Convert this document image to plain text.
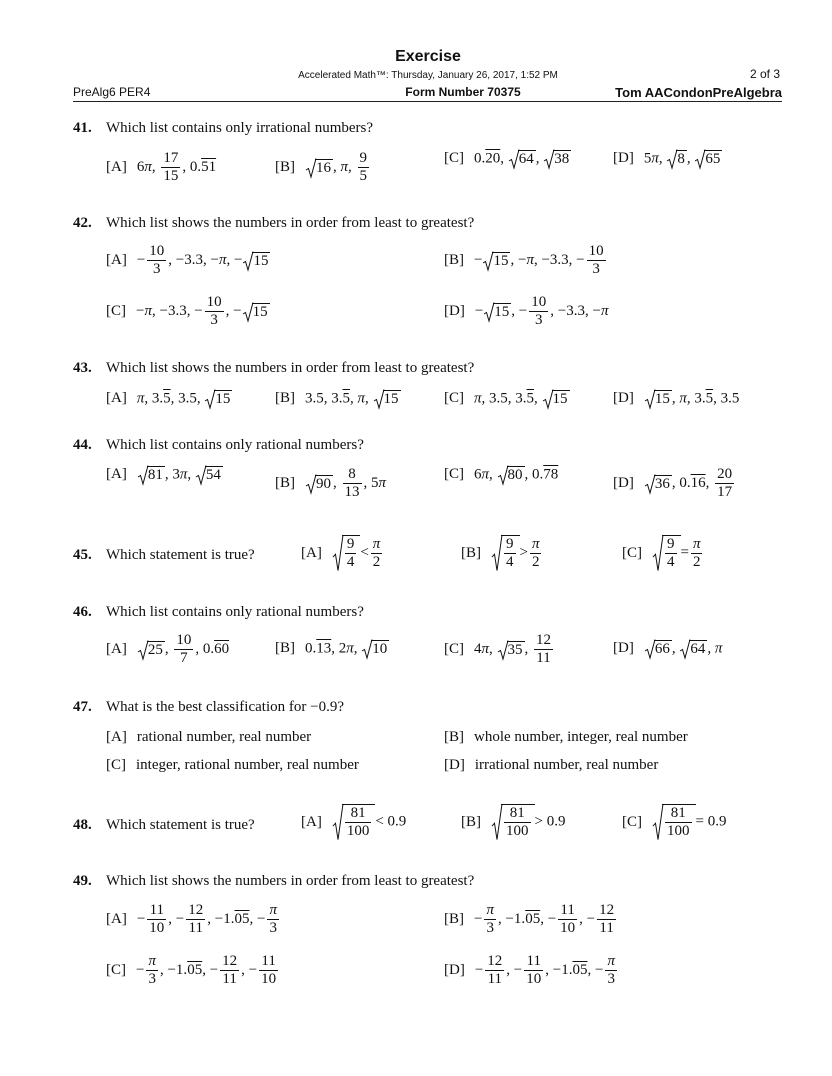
Exercise
Accelerated Math™: Thursday, January 26, 2017, 1:52 PM	2 of 3
PreAlg6 PER4	Form Number 70375	Tom AACondonPreAlgebra
41. Which list contains only irrational numbers?
[A] 6π, $\frac{17}{15}$ , 0.51	[B] 16 , π, $\frac{9}{5}$	[C] 0.20, 64 , 38	[D] 5π, 8 , 65
42. Which list shows the numbers in order from least to greatest?
$[A] - \frac{10}{3}$ , −3.3, −π, − 15	[B] − 15 , −π, −3.3, − $\frac{10}{3}$
[C] −π, −3.3, − $\frac{10}{3}$ , − 15	[D] − 15 , − $\frac{10}{3}$ , −3.3, −π
43. Which list shows the numbers in order from least to greatest?
[A] π, 3.5, 3.5, 15	[B] 3.5, 3.5, π, 15	[C] π, 3.5, 3.5, 15	[D] 15 , π, 3.5, 3.5
44. Which list contains only rational numbers?
[A] 81 , 3π, 54
[B] 90 , $\frac{8}{13}$ , 5π
[C] 6π, 80 , 0.78
[D] 36 , 0.16, $\frac{20}{17}$
45. Which statement is true?	$[A] \frac{9}{4} < \frac{\pi}{2}$	$[B] \frac{9}{4} > \frac{\pi}{2}$	$[C] \frac{9}{4} = \frac{\pi}{2}$
46. Which list contains only rational numbers?
[A] 25 , $\frac{10}{7}$ , 0.60	[B] 0.13, 2π, 10	[C] 4π, 35 , $\frac{12}{11}$	[D] 66 , 64 , π
47. What is the best classification for −0.9?
[A] rational number, real number	[B] whole number, integer, real number
[C] integer, rational number, real number	[D] irrational number, real number
48. Which statement is true?	$[A] \frac{81}{100} < 0.9$	$[B] \frac{81}{100} > 0.9$	$[C] \frac{81}{100} = 0.9$
49. Which list shows the numbers in order from least to greatest?
$[A] - \frac{11}{10}$ , − $\frac{12}{11}$ , −1.05, − $\frac{\pi}{3}$	$[B] - \frac{\pi}{3}$ , −1.05, − $\frac{11}{10}$ , − $\frac{12}{11}$
$[C] - \frac{\pi}{3}$ , −1.05, − $\frac{12}{11}$ , − $\frac{11}{10}$	$[D] - \frac{12}{11}$ , − $\frac{11}{10}$ , −1.05, − $\frac{\pi}{3}$
